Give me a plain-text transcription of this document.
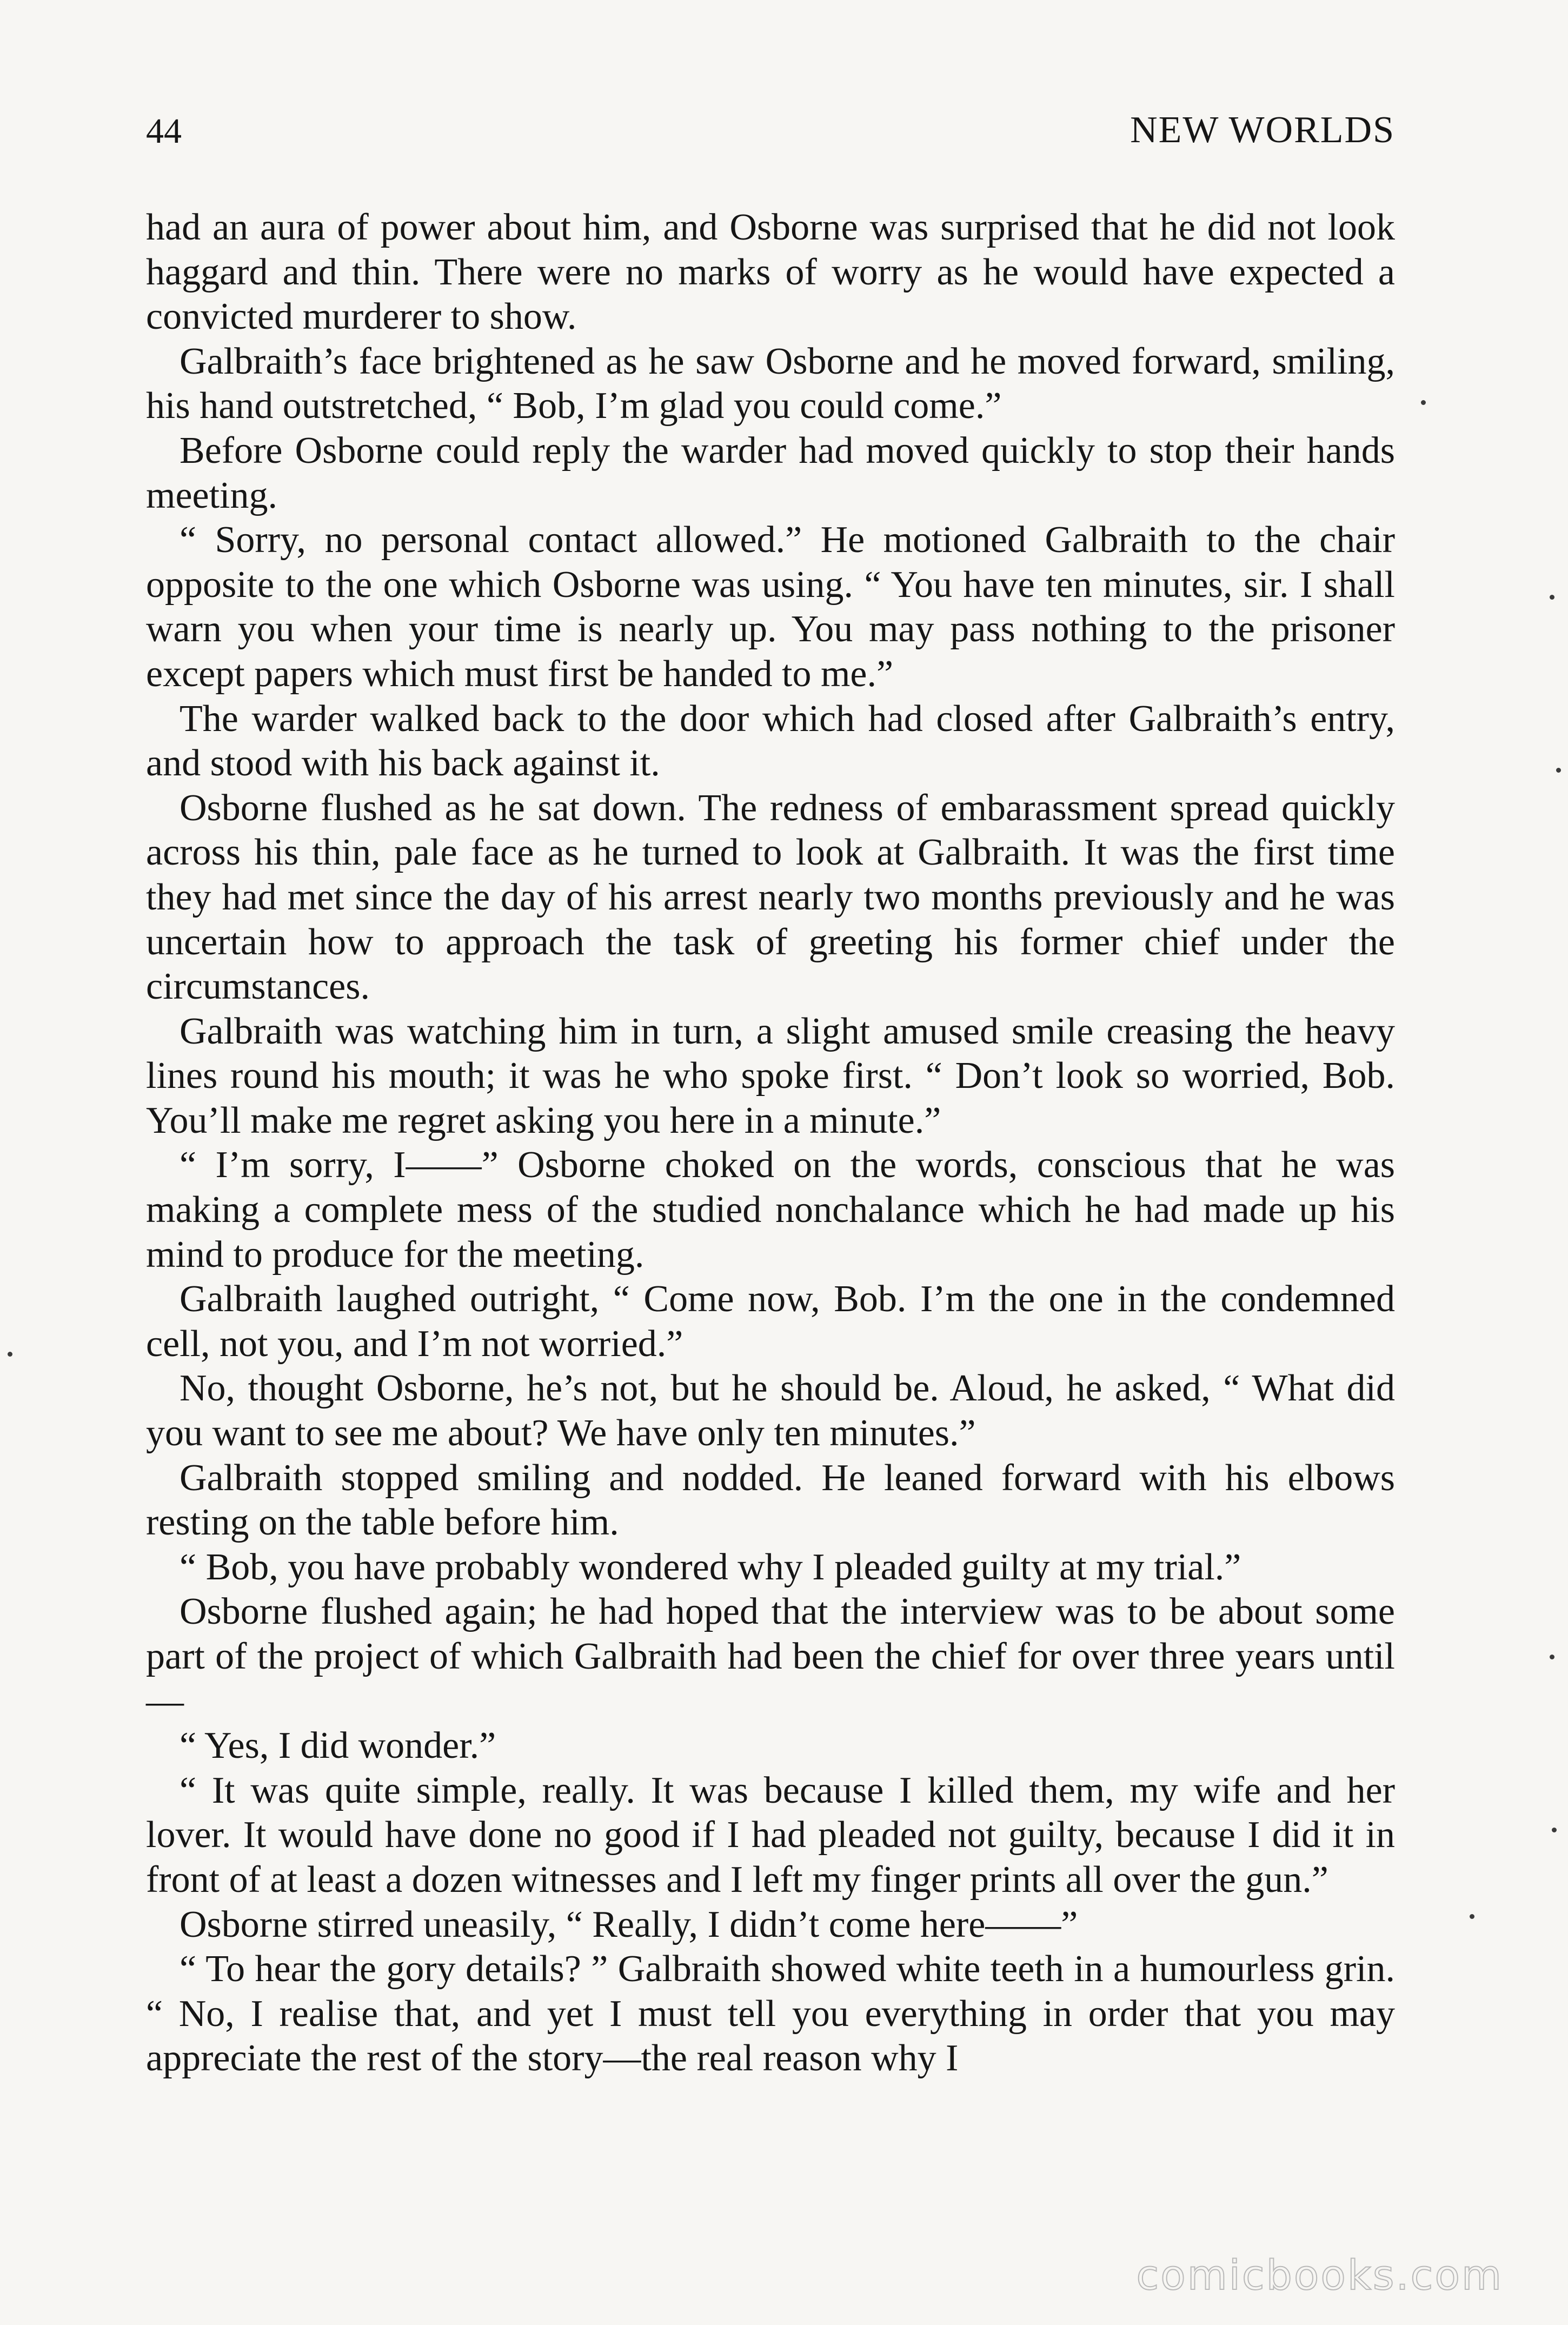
44	NEW WORLDS

had an aura of power about him, and Osborne was surprised that he did not look haggard and thin. There were no marks of worry as he would have expected a convicted murderer to show.

Galbraith’s face brightened as he saw Osborne and he moved forward, smiling, his hand outstretched, “ Bob, I’m glad you could come.”

Before Osborne could reply the warder had moved quickly to stop their hands meeting.

“ Sorry, no personal contact allowed.” He motioned Galbraith to the chair opposite to the one which Osborne was using. “ You have ten minutes, sir. I shall warn you when your time is nearly up. You may pass nothing to the prisoner except papers which must first be handed to me.”

The warder walked back to the door which had closed after Galbraith’s entry, and stood with his back against it.

Osborne flushed as he sat down. The redness of embarassment spread quickly across his thin, pale face as he turned to look at Galbraith. It was the first time they had met since the day of his arrest nearly two months previously and he was uncertain how to approach the task of greeting his former chief under the circumstances.

Galbraith was watching him in turn, a slight amused smile creasing the heavy lines round his mouth; it was he who spoke first. “ Don’t look so worried, Bob. You’ll make me regret asking you here in a minute.”

“ I’m sorry, I——” Osborne choked on the words, conscious that he was making a complete mess of the studied nonchalance which he had made up his mind to produce for the meeting.

Galbraith laughed outright, “ Come now, Bob. I’m the one in the condemned cell, not you, and I’m not worried.”

No, thought Osborne, he’s not, but he should be. Aloud, he asked, “ What did you want to see me about? We have only ten minutes.”

Galbraith stopped smiling and nodded. He leaned forward with his elbows resting on the table before him.

“ Bob, you have probably wondered why I pleaded guilty at my trial.”

Osborne flushed again; he had hoped that the interview was to be about some part of the project of which Galbraith had been the chief for over three years until—

“ Yes, I did wonder.”

“ It was quite simple, really. It was because I killed them, my wife and her lover. It would have done no good if I had pleaded not guilty, because I did it in front of at least a dozen witnesses and I left my finger prints all over the gun.”

Osborne stirred uneasily, “ Really, I didn’t come here——”

“ To hear the gory details? ” Galbraith showed white teeth in a humourless grin. “ No, I realise that, and yet I must tell you everything in order that you may appreciate the rest of the story—the real reason why I

comicbooks.com
